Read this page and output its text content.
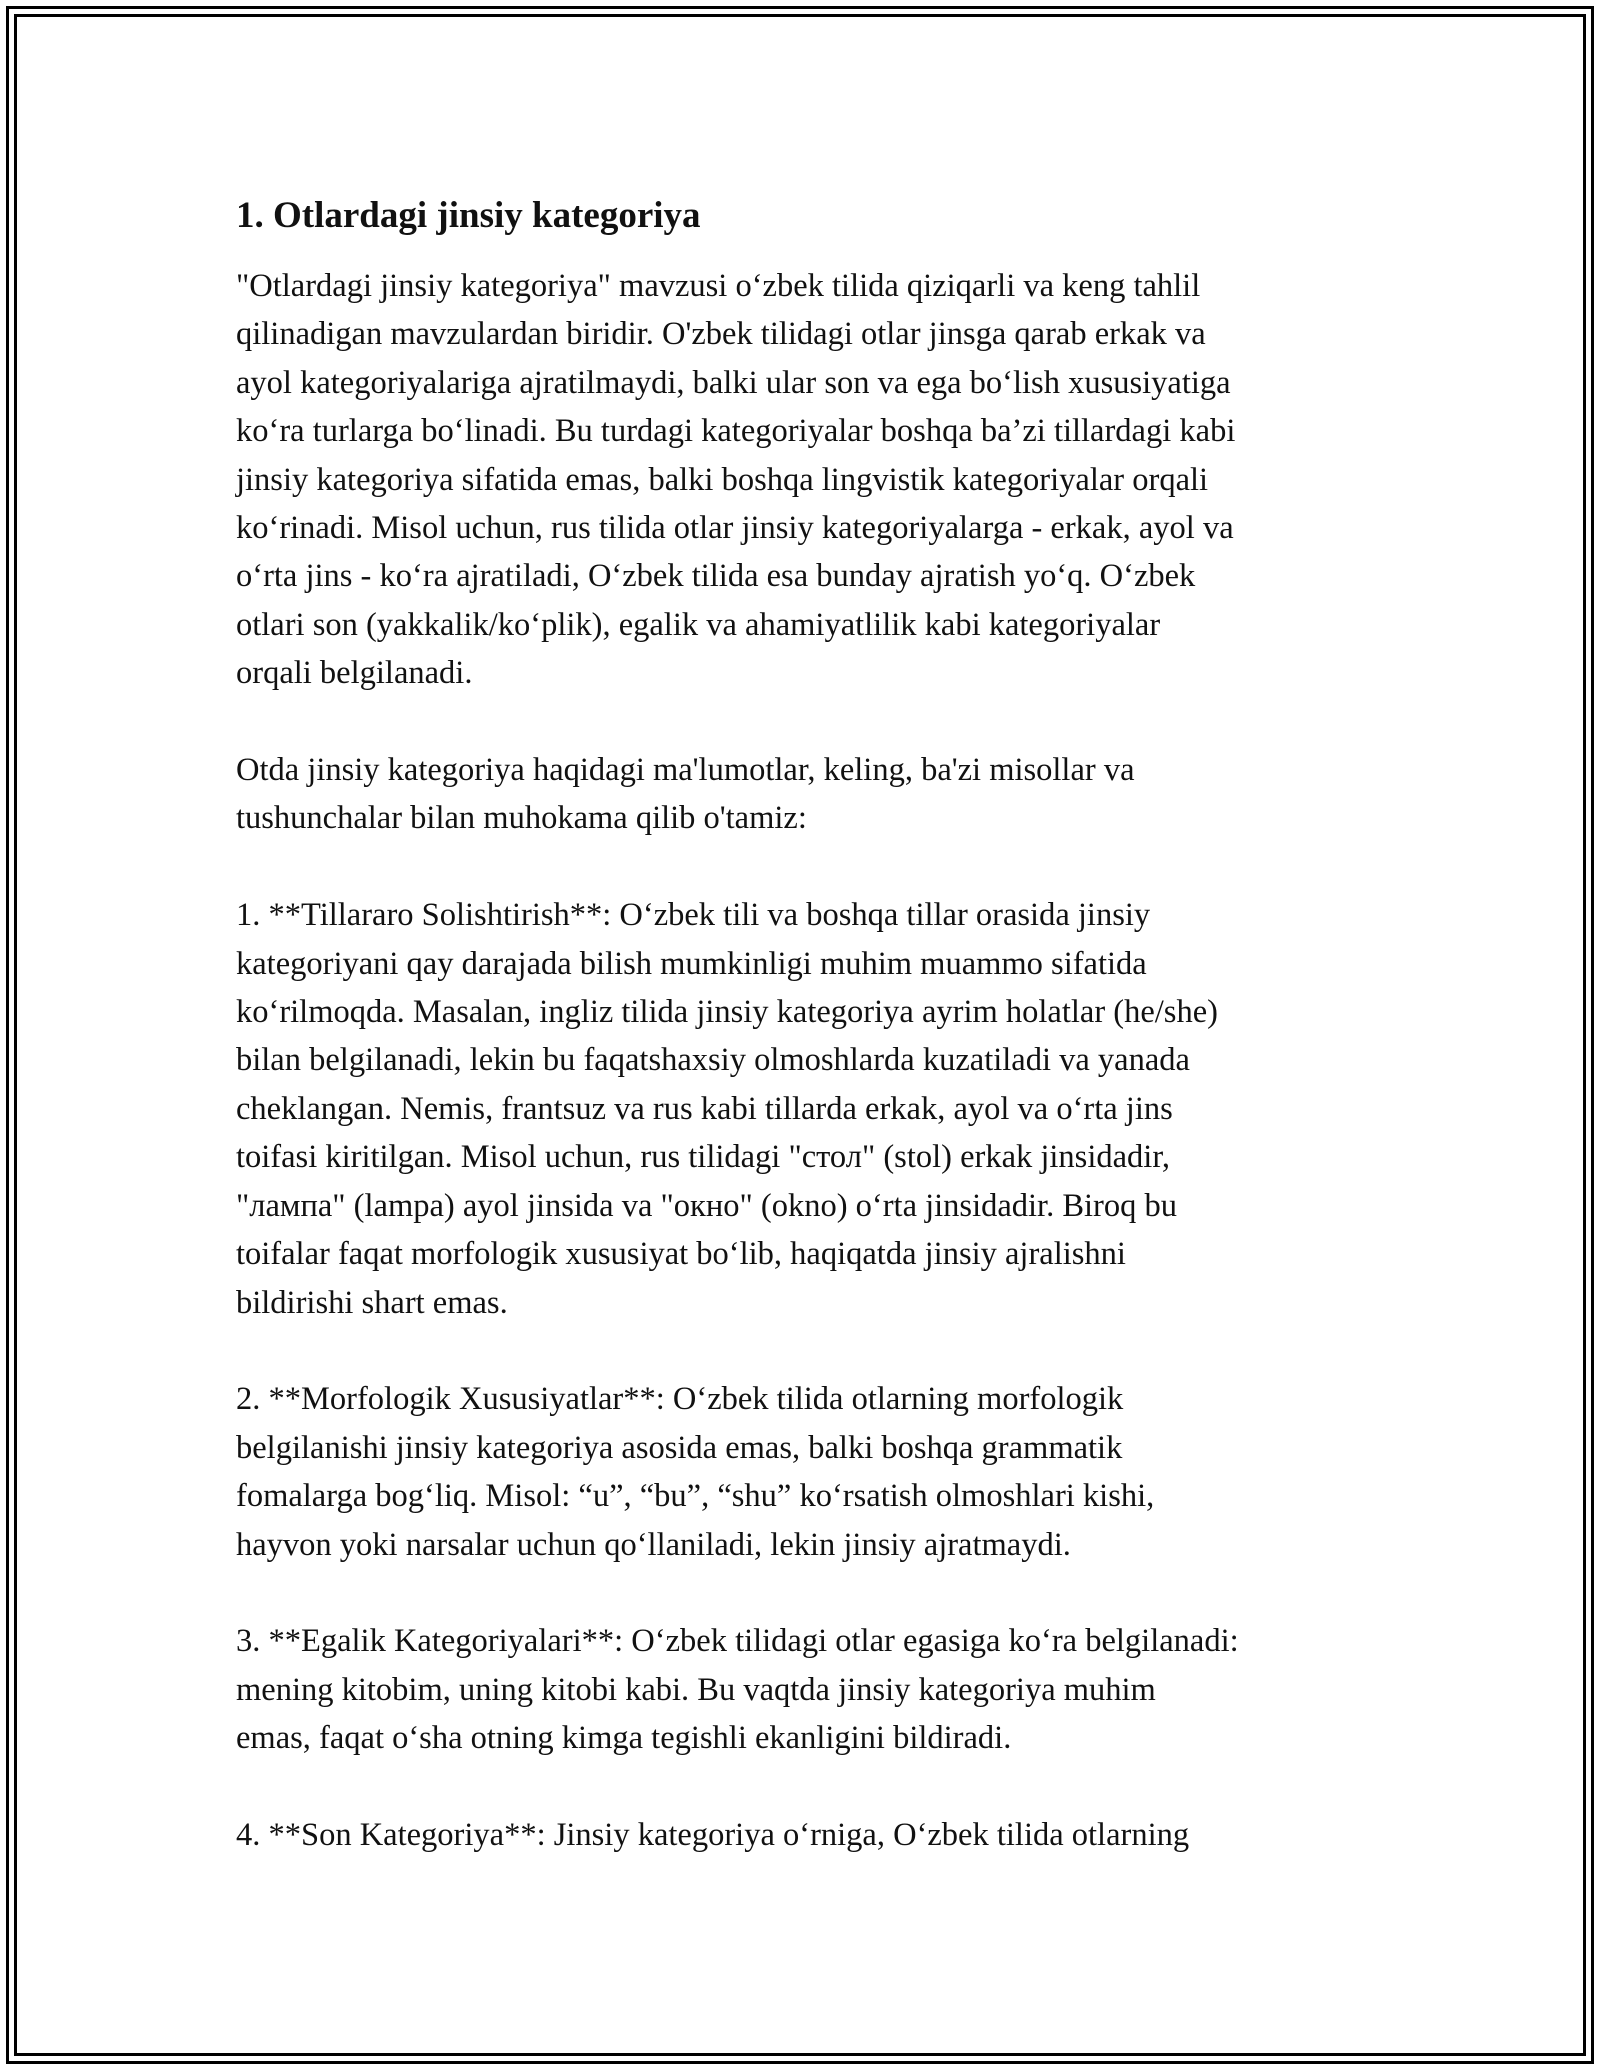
1. Otlardagi jinsiy kategoriya

"Otlardagi jinsiy kategoriya" mavzusi o‘zbek tilida qiziqarli va keng tahlil
qilinadigan mavzulardan biridir. O'zbek tilidagi otlar jinsga qarab erkak va
ayol kategoriyalariga ajratilmaydi, balki ular son va ega bo‘lish xususiyatiga
ko‘ra turlarga bo‘linadi. Bu turdagi kategoriyalar boshqa ba’zi tillardagi kabi
jinsiy kategoriya sifatida emas, balki boshqa lingvistik kategoriyalar orqali
ko‘rinadi. Misol uchun, rus tilida otlar jinsiy kategoriyalarga - erkak, ayol va
o‘rta jins - ko‘ra ajratiladi, O‘zbek tilida esa bunday ajratish yo‘q. O‘zbek
otlari son (yakkalik/ko‘plik), egalik va ahamiyatlilik kabi kategoriyalar
orqali belgilanadi.

Otda jinsiy kategoriya haqidagi ma'lumotlar, keling, ba'zi misollar va
tushunchalar bilan muhokama qilib o'tamiz:

1. **Tillararo Solishtirish**: O‘zbek tili va boshqa tillar orasida jinsiy
kategoriyani qay darajada bilish mumkinligi muhim muammo sifatida
ko‘rilmoqda. Masalan, ingliz tilida jinsiy kategoriya ayrim holatlar (he/she)
bilan belgilanadi, lekin bu faqatshaxsiy olmoshlarda kuzatiladi va yanada
cheklangan. Nemis, frantsuz va rus kabi tillarda erkak, ayol va o‘rta jins
toifasi kiritilgan. Misol uchun, rus tilidagi "стол" (stol) erkak jinsidadir,
"лампа" (lampa) ayol jinsida va "окно" (okno) o‘rta jinsidadir. Biroq bu
toifalar faqat morfologik xususiyat bo‘lib, haqiqatda jinsiy ajralishni
bildirishi shart emas.

2. **Morfologik Xususiyatlar**: O‘zbek tilida otlarning morfologik
belgilanishi jinsiy kategoriya asosida emas, balki boshqa grammatik
fomalarga bog‘liq. Misol: “u”, “bu”, “shu” ko‘rsatish olmoshlari kishi,
hayvon yoki narsalar uchun qo‘llaniladi, lekin jinsiy ajratmaydi.

3. **Egalik Kategoriyalari**: O‘zbek tilidagi otlar egasiga ko‘ra belgilanadi:
mening kitobim, uning kitobi kabi. Bu vaqtda jinsiy kategoriya muhim
emas, faqat o‘sha otning kimga tegishli ekanligini bildiradi.

4. **Son Kategoriya**: Jinsiy kategoriya o‘rniga, O‘zbek tilida otlarning
